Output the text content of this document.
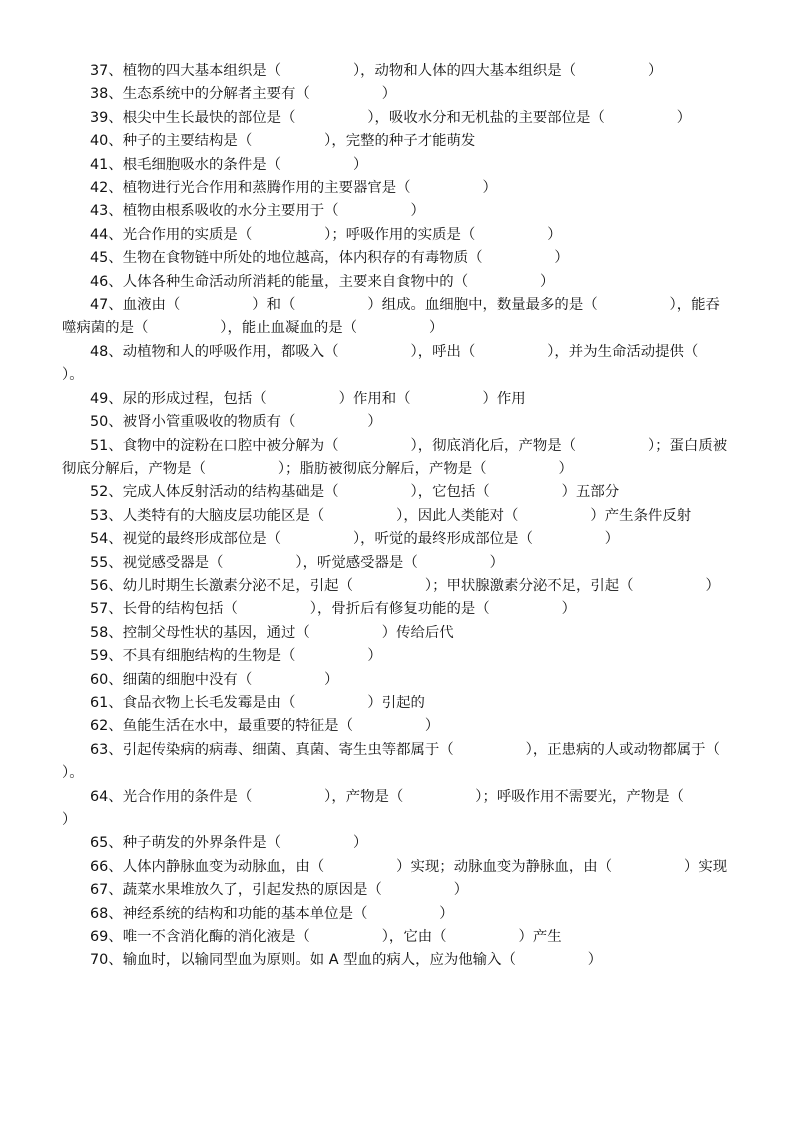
37、植物的四大基本组织是（　　　　　），动物和人体的四大基本组织是（　　　　　）

38、生态系统中的分解者主要有（　　　　　）

39、根尖中生长最快的部位是（　　　　　），吸收水分和无机盐的主要部位是（　　　　　）

40、种子的主要结构是（　　　　　），完整的种子才能萌发

41、根毛细胞吸水的条件是（　　　　　）

42、植物进行光合作用和蒸腾作用的主要器官是（　　　　　）

43、植物由根系吸收的水分主要用于（　　　　　）

44、光合作用的实质是（　　　　　）；呼吸作用的实质是（　　　　　）

45、生物在食物链中所处的地位越高，体内积存的有毒物质（　　　　　）

46、人体各种生命活动所消耗的能量，主要来自食物中的（　　　　　）

47、血液由（　　　　　）和（　　　　　）组成。血细胞中，数量最多的是（　　　　　），能吞噬病菌的是（　　　　　），能止血凝血的是（　　　　　）

48、动植物和人的呼吸作用，都吸入（　　　　　），呼出（　　　　　），并为生命活动提供（　　　　　）。

49、尿的形成过程，包括（　　　　　）作用和（　　　　　）作用

50、被肾小管重吸收的物质有（　　　　　）

51、食物中的淀粉在口腔中被分解为（　　　　　），彻底消化后，产物是（　　　　　）；蛋白质被彻底分解后，产物是（　　　　　）；脂肪被彻底分解后，产物是（　　　　　）

52、完成人体反射活动的结构基础是（　　　　　），它包括（　　　　　）五部分

53、人类特有的大脑皮层功能区是（　　　　　），因此人类能对（　　　　　）产生条件反射

54、视觉的最终形成部位是（　　　　　），听觉的最终形成部位是（　　　　　）

55、视觉感受器是（　　　　　），听觉感受器是（　　　　　）

56、幼儿时期生长激素分泌不足，引起（　　　　　）；甲状腺激素分泌不足，引起（　　　　　）

57、长骨的结构包括（　　　　　），骨折后有修复功能的是（　　　　　）

58、控制父母性状的基因，通过（　　　　　）传给后代

59、不具有细胞结构的生物是（　　　　　）

60、细菌的细胞中没有（　　　　　）

61、食品衣物上长毛发霉是由（　　　　　）引起的

62、鱼能生活在水中，最重要的特征是（　　　　　）

63、引起传染病的病毒、细菌、真菌、寄生虫等都属于（　　　　　），正患病的人或动物都属于（　　　　　）。

64、光合作用的条件是（　　　　　），产物是（　　　　　）；呼吸作用不需要光，产物是（　　　　　）

65、种子萌发的外界条件是（　　　　　）

66、人体内静脉血变为动脉血，由（　　　　　）实现；动脉血变为静脉血，由（　　　　　）实现

67、蔬菜水果堆放久了，引起发热的原因是（　　　　　）

68、神经系统的结构和功能的基本单位是（　　　　　）

69、唯一不含消化酶的消化液是（　　　　　），它由（　　　　　）产生

70、输血时，以输同型血为原则。如 A 型血的病人，应为他输入（　　　　　）
